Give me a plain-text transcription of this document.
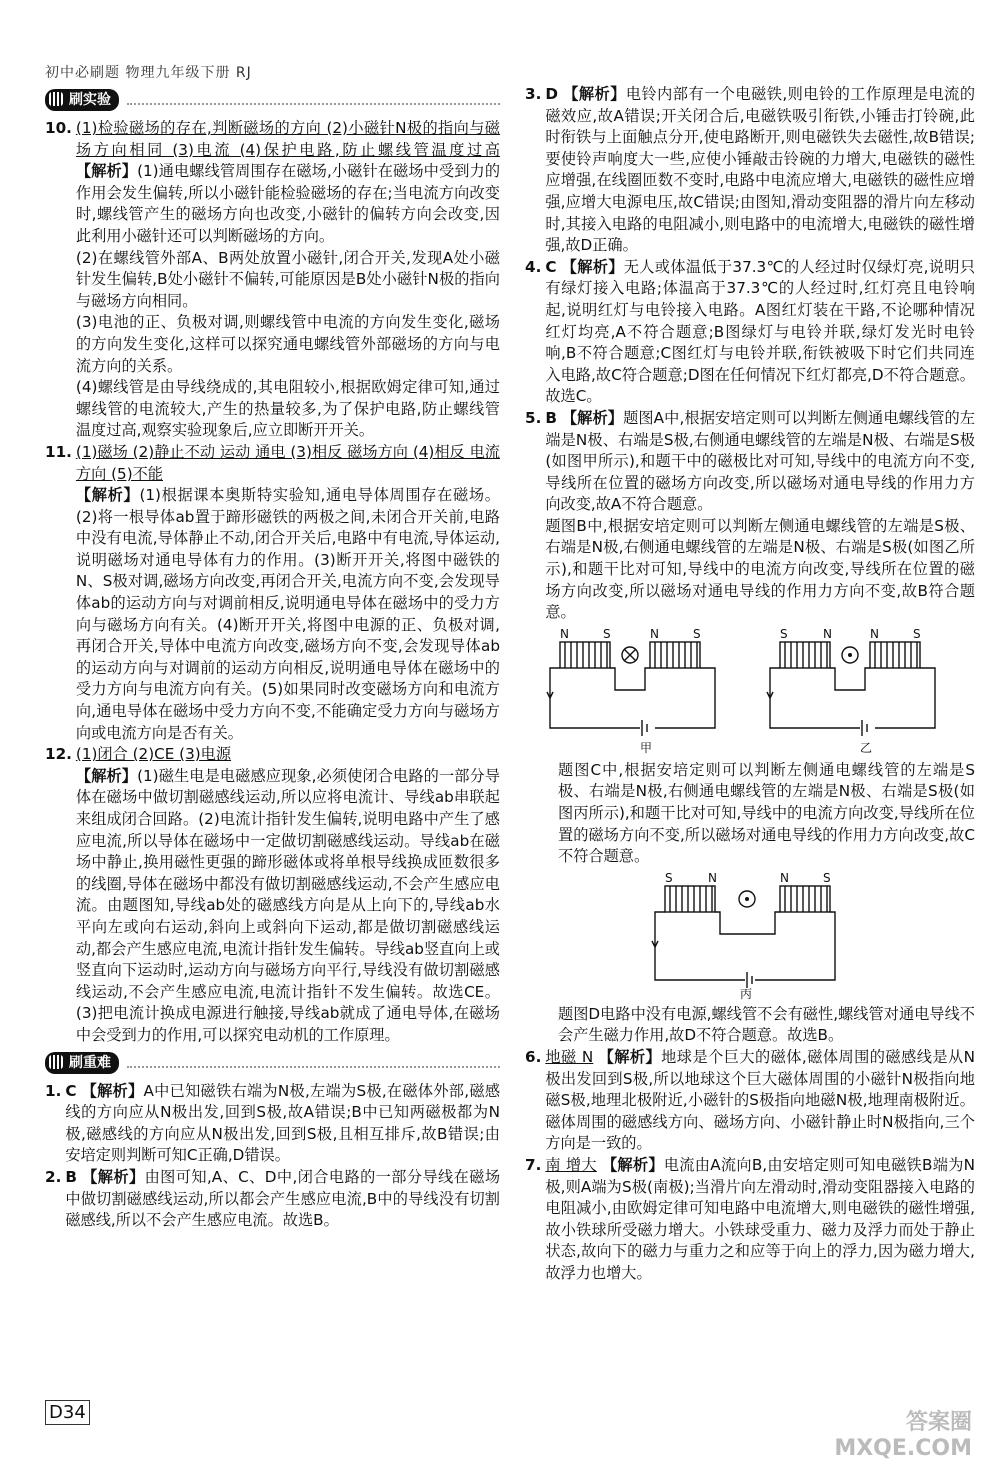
初中必刷题 物理九年级下册 RJ
刷实验
10. (1)检验磁场的存在,判断磁场的方向 (2)小磁针N极的指向与磁场方向相同 (3)电流 (4)保护电路,防止螺线管温度过高 【解析】(1)通电螺线管周围存在磁场,小磁针在磁场中受到力的作用会发生偏转,所以小磁针能检验磁场的存在;当电流方向改变时,螺线管产生的磁场方向也改变,小磁针的偏转方向会改变,因此利用小磁针还可以判断磁场的方向。
(2)在螺线管外部A、B两处放置小磁针,闭合开关,发现A处小磁针发生偏转,B处小磁针不偏转,可能原因是B处小磁针N极的指向与磁场方向相同。
(3)电池的正、负极对调,则螺线管中电流的方向发生变化,磁场的方向发生变化,这样可以探究通电螺线管外部磁场的方向与电流方向的关系。
(4)螺线管是由导线绕成的,其电阻较小,根据欧姆定律可知,通过螺线管的电流较大,产生的热量较多,为了保护电路,防止螺线管温度过高,观察实验现象后,应立即断开开关。
11. (1)磁场 (2)静止不动 运动 通电 (3)相反 磁场方向 (4)相反 电流方向 (5)不能
【解析】(1)根据课本奥斯特实验知,通电导体周围存在磁场。(2)将一根导体ab置于蹄形磁铁的两极之间,未闭合开关前,电路中没有电流,导体静止不动,闭合开关后,电路中有电流,导体运动,说明磁场对通电导体有力的作用。(3)断开开关,将图中磁铁的N、S极对调,磁场方向改变,再闭合开关,电流方向不变,会发现导体ab的运动方向与对调前相反,说明通电导体在磁场中的受力方向与磁场方向有关。(4)断开开关,将图中电源的正、负极对调,再闭合开关,导体中电流方向改变,磁场方向不变,会发现导体ab的运动方向与对调前的运动方向相反,说明通电导体在磁场中的受力方向与电流方向有关。(5)如果同时改变磁场方向和电流方向,通电导体在磁场中受力方向不变,不能确定受力方向与磁场方向或电流方向是否有关。
12. (1)闭合 (2)CE (3)电源
【解析】(1)磁生电是电磁感应现象,必须使闭合电路的一部分导体在磁场中做切割磁感线运动,所以应将电流计、导线ab串联起来组成闭合回路。(2)电流计指针发生偏转,说明电路中产生了感应电流,所以导体在磁场中一定做切割磁感线运动。导线ab在磁场中静止,换用磁性更强的蹄形磁体或将单根导线换成匝数很多的线圈,导体在磁场中都没有做切割磁感线运动,不会产生感应电流。由题图知,导线ab处的磁感线方向是从上向下的,导线ab水平向左或向右运动,斜向上或斜向下运动,都是做切割磁感线运动,都会产生感应电流,电流计指针发生偏转。导线ab竖直向上或竖直向下运动时,运动方向与磁场方向平行,导线没有做切割磁感线运动,不会产生感应电流,电流计指针不发生偏转。故选CE。(3)把电流计换成电源进行触接,导线ab就成了通电导体,在磁场中会受到力的作用,可以探究电动机的工作原理。
刷重难
1. C 【解析】A中已知磁铁右端为N极,左端为S极,在磁体外部,磁感线的方向应从N极出发,回到S极,故A错误;B中已知两磁极都为N极,磁感线的方向应从N极出发,回到S极,且相互排斥,故B错误;由安培定则判断可知C正确,D错误。
2. B 【解析】由图可知,A、C、D中,闭合电路的一部分导线在磁场中做切割磁感线运动,所以都会产生感应电流,B中的导线没有切割磁感线,所以不会产生感应电流。故选B。
3. D 【解析】电铃内部有一个电磁铁,则电铃的工作原理是电流的磁效应,故A错误;开关闭合后,电磁铁吸引衔铁,小锤击打铃碗,此时衔铁与上面触点分开,使电路断开,则电磁铁失去磁性,故B错误;要使铃声响度大一些,应使小锤敲击铃碗的力增大,电磁铁的磁性应增强,在线圈匝数不变时,电路中电流应增大,电磁铁的磁性应增强,应增大电源电压,故C错误;由图知,滑动变阻器的滑片向左移动时,其接入电路的电阻减小,则电路中的电流增大,电磁铁的磁性增强,故D正确。
4. C 【解析】无人或体温低于37.3℃的人经过时仅绿灯亮,说明只有绿灯接入电路;体温高于37.3℃的人经过时,红灯亮且电铃响起,说明红灯与电铃接入电路。A图红灯装在干路,不论哪种情况红灯均亮,A不符合题意;B图绿灯与电铃并联,绿灯发光时电铃响,B不符合题意;C图红灯与电铃并联,衔铁被吸下时它们共同连入电路,故C符合题意;D图在任何情况下红灯都亮,D不符合题意。故选C。
5. B 【解析】题图A中,根据安培定则可以判断左侧通电螺线管的左端是N极、右端是S极,右侧通电螺线管的左端是N极、右端是S极(如图甲所示),和题干中的磁极比对可知,导线中的电流方向不变,导线所在位置的磁场方向改变,所以磁场对通电导线的作用力方向改变,故A不符合题意。
题图B中,根据安培定则可以判断左侧通电螺线管的左端是S极、右端是N极,右侧通电螺线管的左端是N极、右端是S极(如图乙所示),和题干比对可知,导线中的电流方向改变,导线所在位置的磁场方向改变,所以磁场对通电导线的作用力方向不变,故B符合题意。
N	S	N	S	S	N	N	S
甲	乙
题图C中,根据安培定则可以判断左侧通电螺线管的左端是S极、右端是N极,右侧通电螺线管的左端是N极、右端是S极(如图丙所示),和题干比对可知,导线中的电流方向改变,导线所在位置的磁场方向不变,所以磁场对通电导线的作用力方向改变,故C不符合题意。
S	N	N	S
丙
题图D电路中没有电源,螺线管不会有磁性,螺线管对通电导线不会产生磁力作用,故D不符合题意。故选B。
6. 地磁 N 【解析】地球是个巨大的磁体,磁体周围的磁感线是从N极出发回到S极,所以地球这个巨大磁体周围的小磁针N极指向地磁S极,地理北极附近,小磁针的S极指向地磁N极,地理南极附近。磁体周围的磁感线方向、磁场方向、小磁针静止时N极指向,三个方向是一致的。
7. 南 增大 【解析】电流由A流向B,由安培定则可知电磁铁B端为N极,则A端为S极(南极);当滑片向左滑动时,滑动变阻器接入电路的电阻减小,由欧姆定律可知电路中电流增大,则电磁铁的磁性增强,故小铁球所受磁力增大。小铁球受重力、磁力及浮力而处于静止状态,故向下的磁力与重力之和应等于向上的浮力,因为磁力增大,故浮力也增大。
D34	答案圈 MXQE.COM
